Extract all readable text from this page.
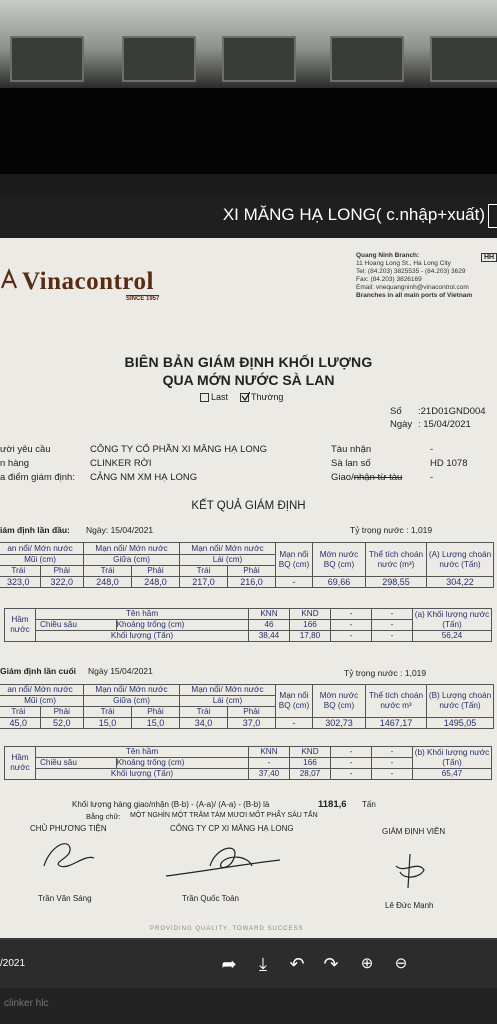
XI MĂNG HẠ LONG( c.nhập+xuất)
Quang Ninh Branch:
11 Hoang Long St., Ha Long City
Tel: (84.203) 3825535 - (84.203) 3629
Fax: (84.203) 3826169
Email: vnequangninh@vinacontrol.com
Branches in all main ports of Vietnam
HH
Vinacontrol
SINCE 1957
BIÊN BẢN GIÁM ĐỊNH KHỐI LƯỢNG
QUA MỚN NƯỚC SÀ LAN
Last	Thường
Số :21D01GND004
Ngày : 15/04/2021
ười yêu cầu	CÔNG TY CỔ PHẦN XI MĂNG HẠ LONG
n hàng	CLINKER RỜI
a điểm giám định: CẢNG NM XM HẠ LONG
Tàu nhận	-
Sà lan số	HD 1078
Giao/nhận từ tàu	-
KẾT QUẢ GIÁM ĐỊNH
iám định lần đầu: Ngày: 15/04/2021	Tỷ trọng nước : 1,019
an nổi/ Mớn nước		Mạn nổi/ Mớn nước		Mạn nổi/ Mớn nước		Mạn nổi BQ (cm)	Mớn nước BQ (cm)	Thể tích choán nước (m³)	(A) Lượng choán nước (Tấn)
Mũi (cm)		Giữa (cm)		Lái (cm)					
Trái	Phải	Trái	Phải	Trái	Phải				
323,0	322,0	248,0	248,0	217,0	216,0	-	69,66	298,55	304,22
Hầm nước	Tên hầm		KNN	KND	-	-	(a) Khối lượng nước (Tấn)
	Chiều sâu	Khoảng trống (cm)	46	166	-	-	
	Khối lượng (Tấn)		38,44	17,80	-	-	56,24
Giám định lần cuối Ngày 15/04/2021	Tỷ trọng nước : 1,019
an nổi/ Mớn nước		Mạn nổi/ Mớn nước		Mạn nổi/ Mớn nước		Mạn nổi BQ (cm)	Mớn nước BQ (cm)	Thể tích choán nước m³	(B) Lượng choán nước (Tấn)
Mũi (cm)		Giữa (cm)		Lái (cm)					
Trái	Phải	Trái	Phải	Trái	Phải				
45,0	52,0	15,0	15,0	34,0	37,0	-	302,73	1467,17	1495,05
Hầm nước	Tên hầm		KNN	KND	-	-	(b) Khối lượng nước (Tấn)
	Chiều sâu	Khoảng trống (cm)	-	166	-	-	
	Khối lượng (Tấn)		37,40	28,07	-	-	65,47
Khối lượng hàng giao/nhận (B-b) - (A-a)/ (A-a) - (B-b) là	1181,6 Tấn
Bằng chữ: MỘT NGHÌN MỘT TRĂM TÁM MƯƠI MỐT PHẨY SÁU TẤN
CHỦ PHƯƠNG TIỆN	CÔNG TY CP XI MĂNG HẠ LONG	GIÁM ĐỊNH VIÊN
Trần Văn Sáng	Trần Quốc Toản
Lê Đức Mạnh
PROVIDING QUALITY. TOWARD SUCCESS
/2021	➦	⤓	↶ ↷	⊕	⊖
clinker hlc
